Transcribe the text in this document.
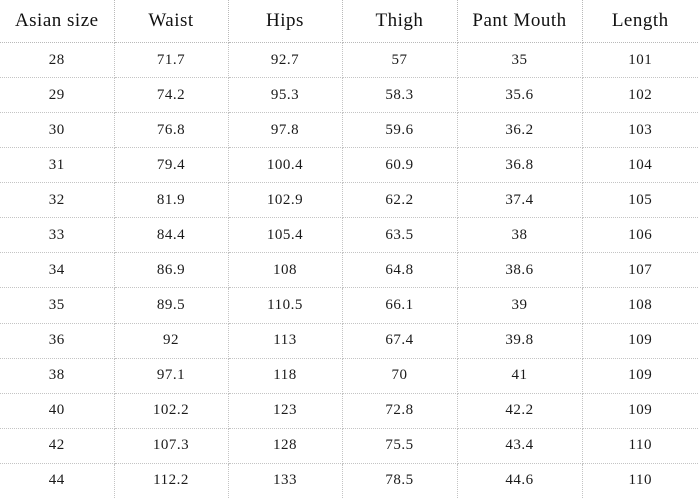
Asian size	Waist	Hips	Thigh	Pant Mouth	Length
28	71.7	92.7	57	35	101
29	74.2	95.3	58.3	35.6	102
30	76.8	97.8	59.6	36.2	103
31	79.4	100.4	60.9	36.8	104
32	81.9	102.9	62.2	37.4	105
33	84.4	105.4	63.5	38	106
34	86.9	108	64.8	38.6	107
35	89.5	110.5	66.1	39	108
36	92	113	67.4	39.8	109
38	97.1	118	70	41	109
40	102.2	123	72.8	42.2	109
42	107.3	128	75.5	43.4	110
44	112.2	133	78.5	44.6	110
